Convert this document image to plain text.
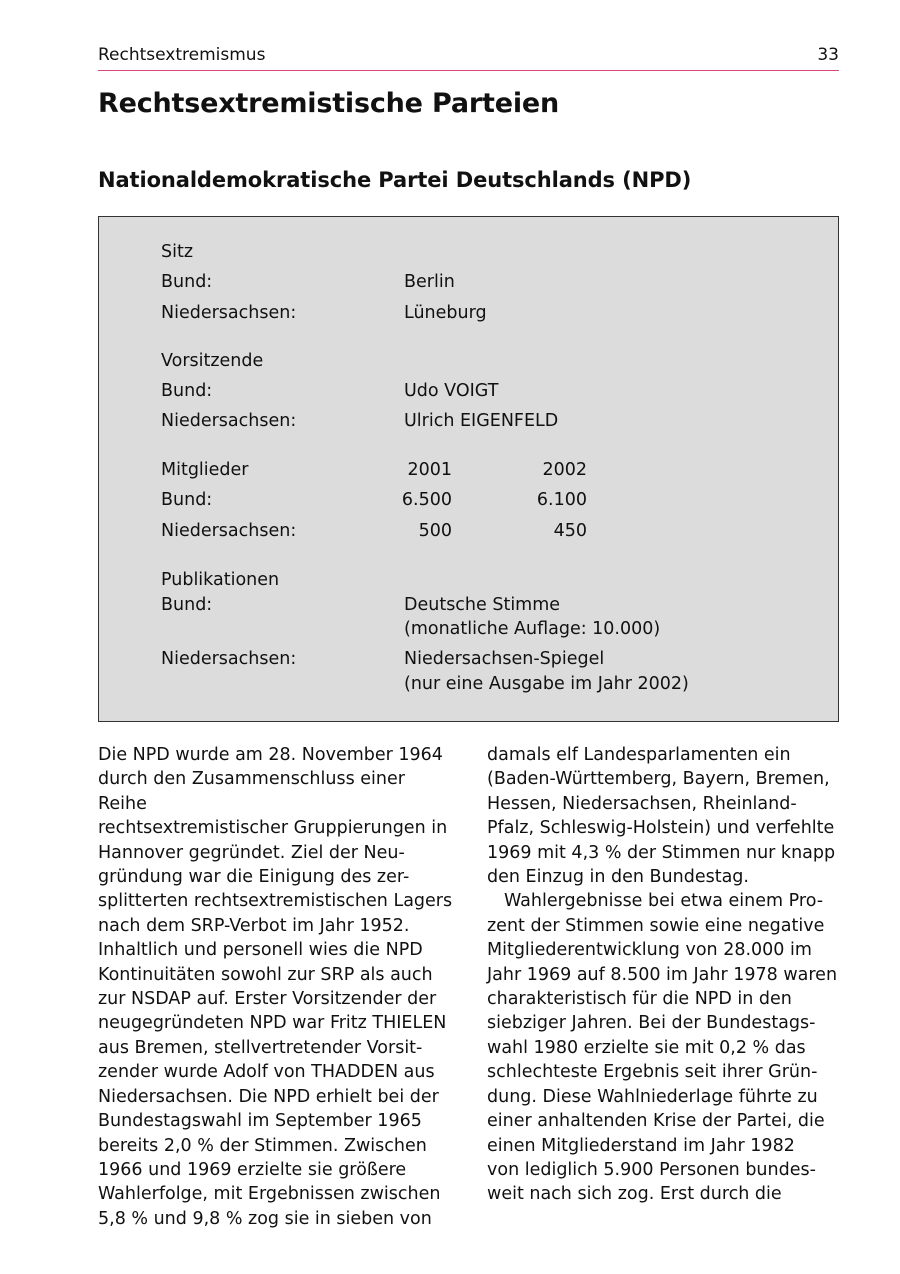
Rechtsextremismus	33
Rechtsextremistische Parteien
Nationaldemokratische Partei Deutschlands (NPD)
Sitz
Bund:	Berlin
Niedersachsen:	Lüneburg
Vorsitzende
Bund:	Udo VOIGT
Niedersachsen:	Ulrich EIGENFELD
Mitglieder	2001	2002
Bund:	6.500	6.100
Niedersachsen:	500	450
Publikationen
Bund:	Deutsche Stimme
(monatliche Auflage: 10.000)
Niedersachsen:	Niedersachsen-Spiegel
(nur eine Ausgabe im Jahr 2002)

Die NPD wurde am 28. November 1964
durch den Zusammenschluss einer Reihe
rechtsextremistischer Gruppierungen in
Hannover gegründet. Ziel der Neu-
gründung war die Einigung des zer-
splitterten rechtsextremistischen Lagers
nach dem SRP-Verbot im Jahr 1952.
Inhaltlich und personell wies die NPD
Kontinuitäten sowohl zur SRP als auch
zur NSDAP auf. Erster Vorsitzender der
neugegründeten NPD war Fritz THIELEN
aus Bremen, stellvertretender Vorsit-
zender wurde Adolf von THADDEN aus
Niedersachsen. Die NPD erhielt bei der
Bundestagswahl im September 1965
bereits 2,0 % der Stimmen. Zwischen
1966 und 1969 erzielte sie größere
Wahlerfolge, mit Ergebnissen zwischen
5,8 % und 9,8 % zog sie in sieben von

damals elf Landesparlamenten ein
(Baden-Württemberg, Bayern, Bremen,
Hessen, Niedersachsen, Rheinland-
Pfalz, Schleswig-Holstein) und verfehlte
1969 mit 4,3 % der Stimmen nur knapp
den Einzug in den Bundestag.

Wahlergebnisse bei etwa einem Pro-
zent der Stimmen sowie eine negative
Mitgliederentwicklung von 28.000 im
Jahr 1969 auf 8.500 im Jahr 1978 waren
charakteristisch für die NPD in den
siebziger Jahren. Bei der Bundestags-
wahl 1980 erzielte sie mit 0,2 % das
schlechteste Ergebnis seit ihrer Grün-
dung. Diese Wahlniederlage führte zu
einer anhaltenden Krise der Partei, die
einen Mitgliederstand im Jahr 1982
von lediglich 5.900 Personen bundes-
weit nach sich zog. Erst durch die
